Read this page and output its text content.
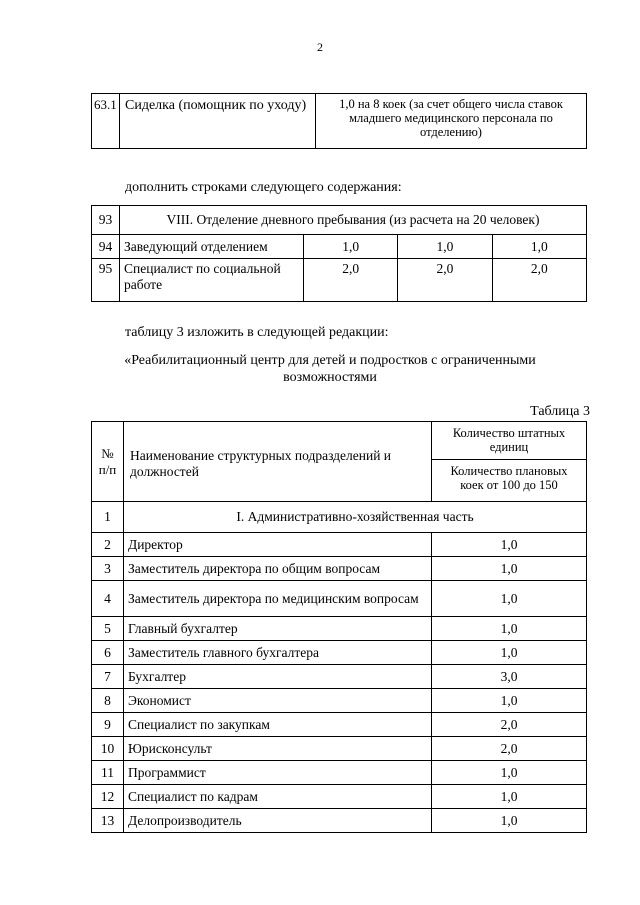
2
63.1	Сиделка (помощник по уходу)	1,0 на 8 коек (за счет общего числа ставок младшего медицинского персонала по отделению)
дополнить строками следующего содержания:
93	VIII. Отделение дневного пребывания (из расчета на 20 человек)			
94	Заведующий отделением	1,0	1,0	1,0
95	Специалист по социальной работе	2,0	2,0	2,0
таблицу 3 изложить в следующей редакции:
«Реабилитационный центр для детей и подростков с ограниченными возможностями
Таблица 3
№ п/п	Наименование структурных подразделений и должностей	Количество штатных единиц
		Количество плановых коек от 100 до 150
1	I. Административно-хозяйственная часть	
2	Директор	1,0
3	Заместитель директора по общим вопросам	1,0
4	Заместитель директора по медицинским вопросам	1,0
5	Главный бухгалтер	1,0
6	Заместитель главного бухгалтера	1,0
7	Бухгалтер	3,0
8	Экономист	1,0
9	Специалист по закупкам	2,0
10	Юрисконсульт	2,0
11	Программист	1,0
12	Специалист по кадрам	1,0
13	Делопроизводитель	1,0
